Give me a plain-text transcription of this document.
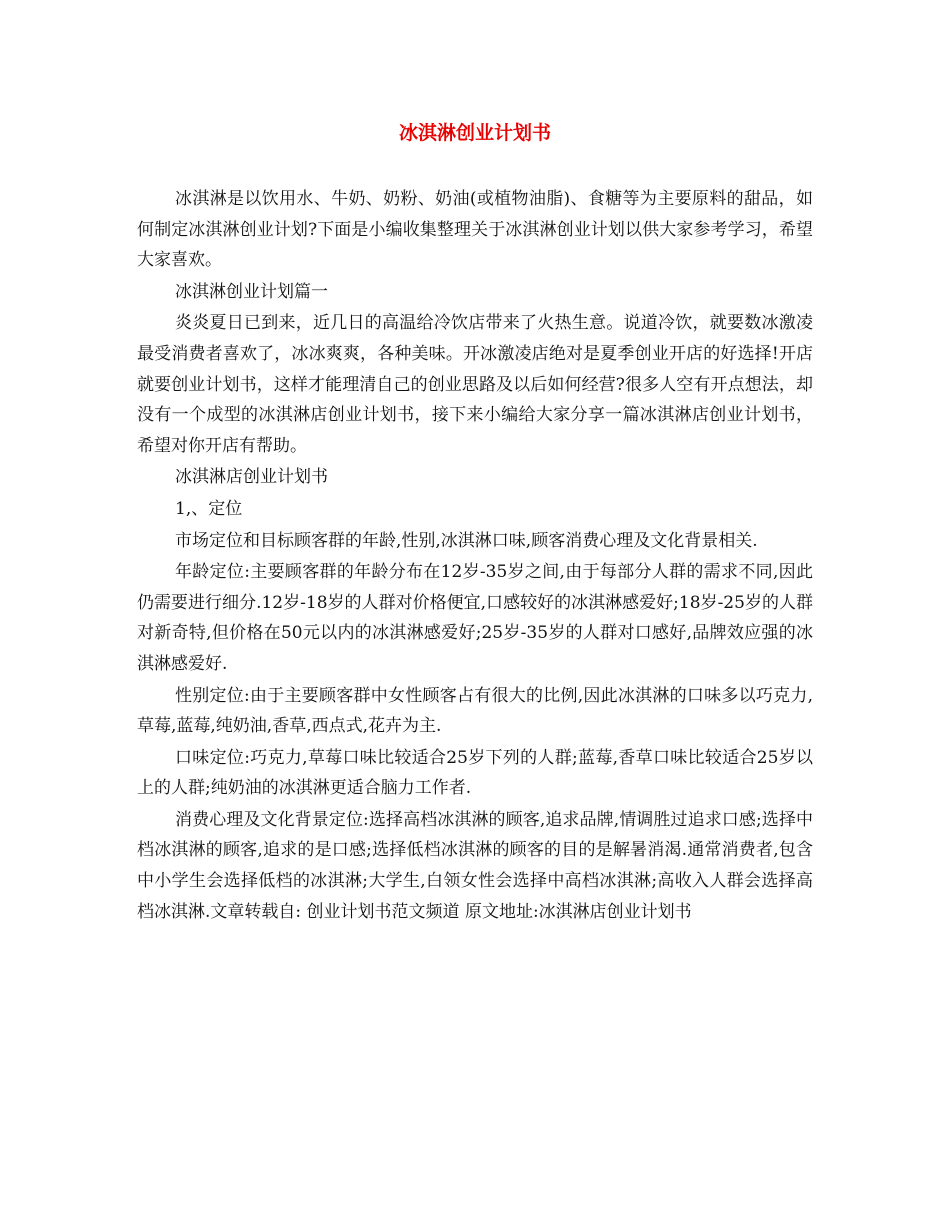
冰淇淋创业计划书

冰淇淋是以饮用水、牛奶、奶粉、奶油(或植物油脂)、食糖等为主要原料的甜品，如何制定冰淇淋创业计划?下面是小编收集整理关于冰淇淋创业计划以供大家参考学习，希望大家喜欢。

冰淇淋创业计划篇一

炎炎夏日已到来，近几日的高温给冷饮店带来了火热生意。说道冷饮，就要数冰激凌最受消费者喜欢了，冰冰爽爽，各种美味。开冰激凌店绝对是夏季创业开店的好选择!开店就要创业计划书，这样才能理清自己的创业思路及以后如何经营?很多人空有开点想法，却没有一个成型的冰淇淋店创业计划书，接下来小编给大家分享一篇冰淇淋店创业计划书，希望对你开店有帮助。

冰淇淋店创业计划书

1,、定位

市场定位和目标顾客群的年龄,性别,冰淇淋口味,顾客消费心理及文化背景相关.

年龄定位:主要顾客群的年龄分布在12岁-35岁之间,由于每部分人群的需求不同,因此仍需要进行细分.12岁-18岁的人群对价格便宜,口感较好的冰淇淋感爱好;18岁-25岁的人群对新奇特,但价格在50元以内的冰淇淋感爱好;25岁-35岁的人群对口感好,品牌效应强的冰淇淋感爱好.

性别定位:由于主要顾客群中女性顾客占有很大的比例,因此冰淇淋的口味多以巧克力,草莓,蓝莓,纯奶油,香草,西点式,花卉为主.

口味定位:巧克力,草莓口味比较适合25岁下列的人群;蓝莓,香草口味比较适合25岁以上的人群;纯奶油的冰淇淋更适合脑力工作者.

消费心理及文化背景定位:选择高档冰淇淋的顾客,追求品牌,情调胜过追求口感;选择中档冰淇淋的顾客,追求的是口感;选择低档冰淇淋的顾客的目的是解暑消渴.通常消费者,包含中小学生会选择低档的冰淇淋;大学生,白领女性会选择中高档冰淇淋;高收入人群会选择高档冰淇淋.文章转载自: 创业计划书范文频道 原文地址:冰淇淋店创业计划书
